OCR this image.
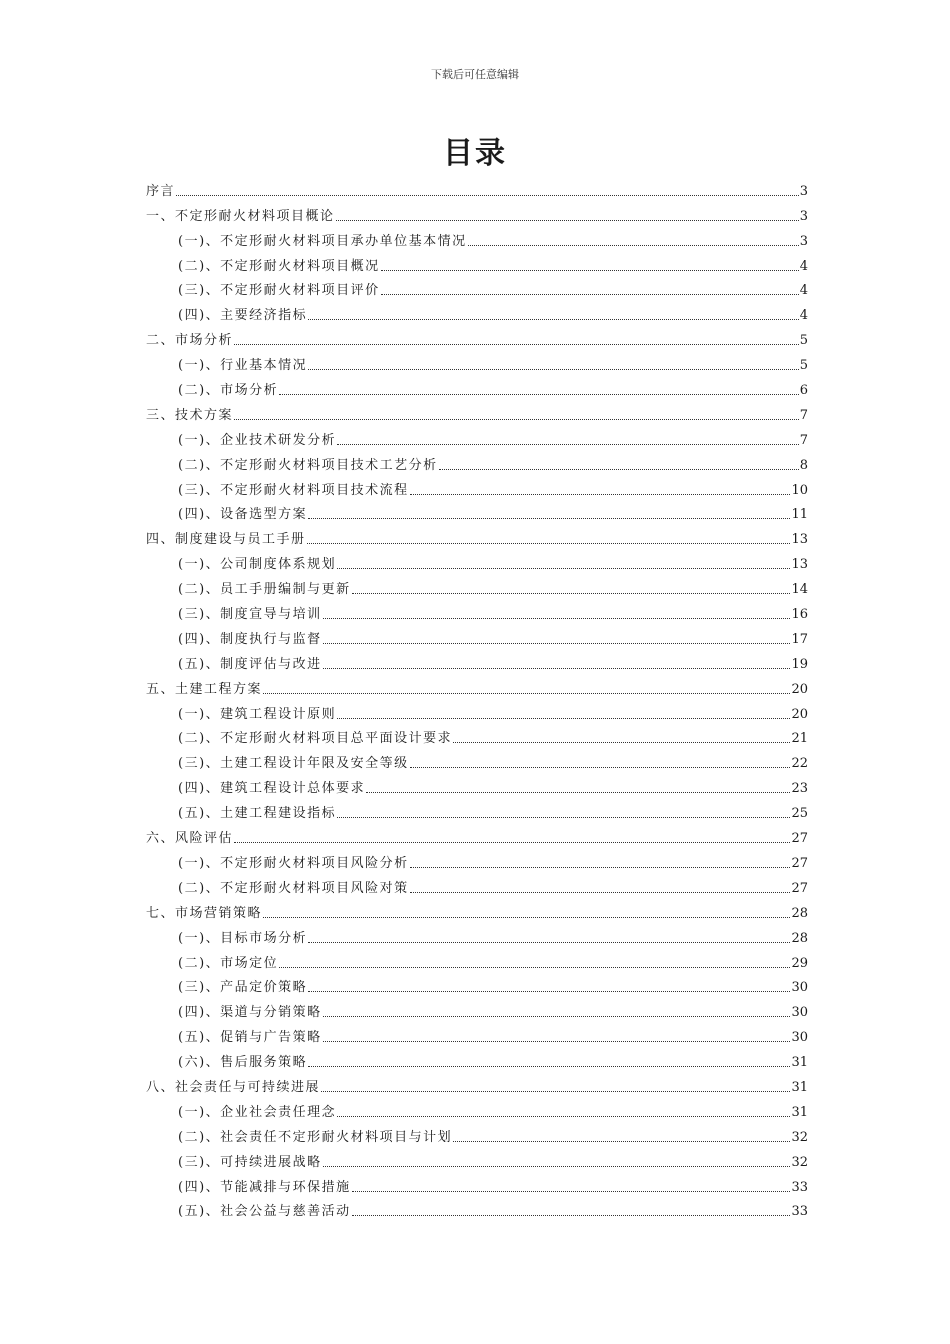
下载后可任意编辑
目录
序言	3
一、不定形耐火材料项目概论	3
(一)、不定形耐火材料项目承办单位基本情况	3
(二)、不定形耐火材料项目概况	4
(三)、不定形耐火材料项目评价	4
(四)、主要经济指标	4
二、市场分析	5
(一)、行业基本情况	5
(二)、市场分析	6
三、技术方案	7
(一)、企业技术研发分析	7
(二)、不定形耐火材料项目技术工艺分析	8
(三)、不定形耐火材料项目技术流程	10
(四)、设备选型方案	11
四、制度建设与员工手册	13
(一)、公司制度体系规划	13
(二)、员工手册编制与更新	14
(三)、制度宣导与培训	16
(四)、制度执行与监督	17
(五)、制度评估与改进	19
五、土建工程方案	20
(一)、建筑工程设计原则	20
(二)、不定形耐火材料项目总平面设计要求	21
(三)、土建工程设计年限及安全等级	22
(四)、建筑工程设计总体要求	23
(五)、土建工程建设指标	25
六、风险评估	27
(一)、不定形耐火材料项目风险分析	27
(二)、不定形耐火材料项目风险对策	27
七、市场营销策略	28
(一)、目标市场分析	28
(二)、市场定位	29
(三)、产品定价策略	30
(四)、渠道与分销策略	30
(五)、促销与广告策略	30
(六)、售后服务策略	31
八、社会责任与可持续进展	31
(一)、企业社会责任理念	31
(二)、社会责任不定形耐火材料项目与计划	32
(三)、可持续进展战略	32
(四)、节能减排与环保措施	33
(五)、社会公益与慈善活动	33
